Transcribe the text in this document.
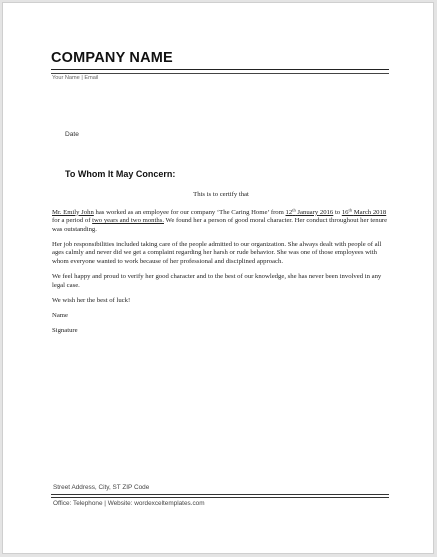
COMPANY NAME
Your Name | Email
Date
To Whom It May Concern:
This is to certify that

Mr. Emily John has worked as an employee for our company ‘The Caring Home’ from 12th January 2016 to 16th March 2018 for a period of two years and two months. We found her a person of good moral character. Her conduct throughout her tenure was outstanding.

Her job responsibilities included taking care of the people admitted to our organization. She always dealt with people of all ages calmly and never did we get a complaint regarding her harsh or rude behavior. She was one of those employees with whom everyone wanted to work because of her professional and disciplined approach.

We feel happy and proud to verify her good character and to the best of our knowledge, she has never been involved in any legal case.

We wish her the best of luck!

Name

Signature

Street Address, City, ST ZIP Code
Office: Telephone | Website: wordexceltemplates.com
